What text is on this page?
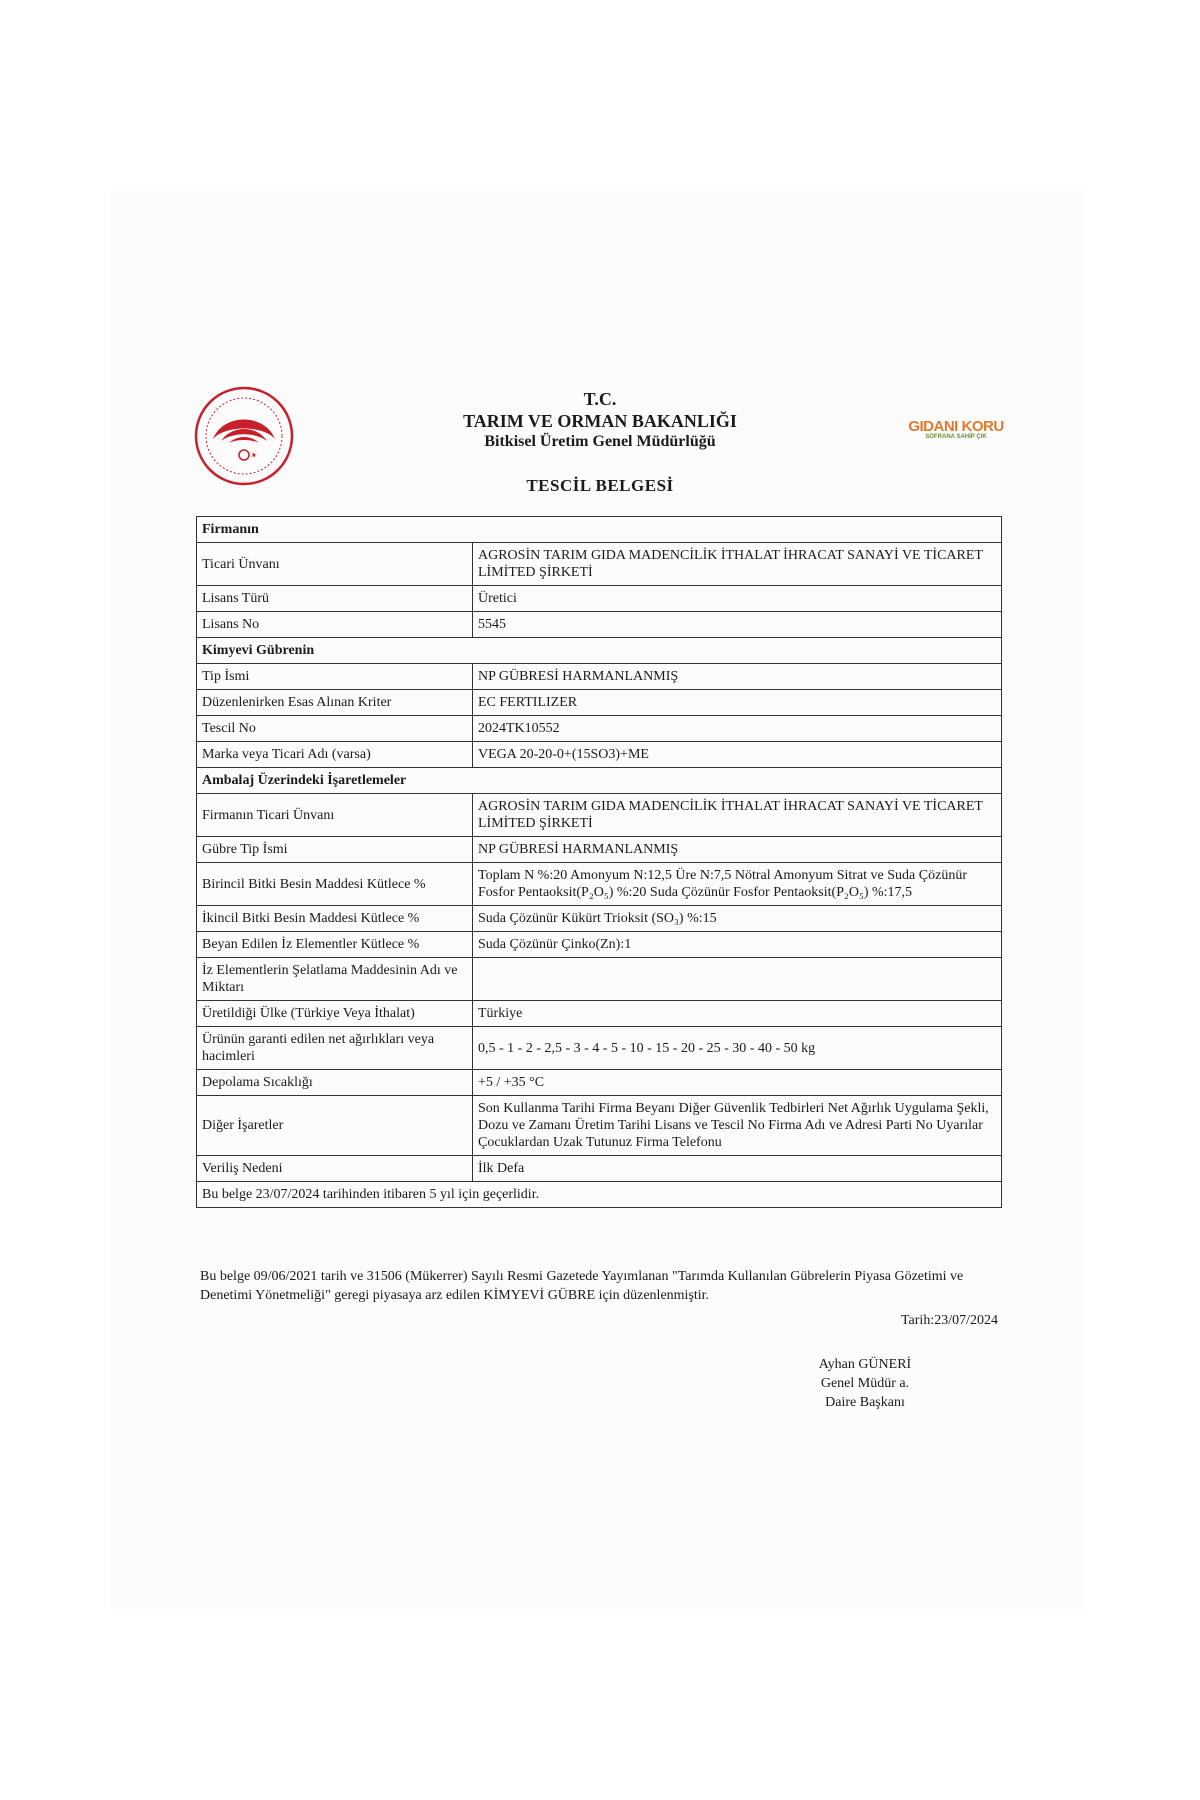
GIDANI KORU
SOFRANA SAHİP ÇIK
T.C.
TARIM VE ORMAN BAKANLIĞI
Bitkisel Üretim Genel Müdürlüğü
TESCİL BELGESİ
Firmanın	
Ticari Ünvanı	AGROSİN TARIM GIDA MADENCİLİK İTHALAT İHRACAT SANAYİ VE TİCARET LİMİTED ŞİRKETİ
Lisans Türü	Üretici
Lisans No	5545
Kimyevi Gübrenin	
Tip İsmi	NP GÜBRESİ HARMANLANMIŞ
Düzenlenirken Esas Alınan Kriter	EC FERTILIZER
Tescil No	2024TK10552
Marka veya Ticari Adı (varsa)	VEGA 20-20-0+(15SO3)+ME
Ambalaj Üzerindeki İşaretlemeler	
Firmanın Ticari Ünvanı	AGROSİN TARIM GIDA MADENCİLİK İTHALAT İHRACAT SANAYİ VE TİCARET LİMİTED ŞİRKETİ
Gübre Tip İsmi	NP GÜBRESİ HARMANLANMIŞ
Birincil Bitki Besin Maddesi Kütlece %	Toplam N %:20 Amonyum N:12,5 Üre N:7,5 Nötral Amonyum Sitrat ve Suda Çözünür Fosfor Pentaoksit(P₂O₅) %:20 Suda Çözünür Fosfor Pentaoksit(P₂O₅) %:17,5
İkincil Bitki Besin Maddesi Kütlece %	Suda Çözünür Kükürt Trioksit (SO₃) %:15
Beyan Edilen İz Elementler Kütlece %	Suda Çözünür Çinko(Zn):1
İz Elementlerin Şelatlama Maddesinin Adı ve Miktarı	
Üretildiği Ülke (Türkiye Veya İthalat)	Türkiye
Ürünün garanti edilen net ağırlıkları veya hacimleri	0,5 - 1 - 2 - 2,5 - 3 - 4 - 5 - 10 - 15 - 20 - 25 - 30 - 40 - 50 kg
Depolama Sıcaklığı	+5 / +35 °C
Diğer İşaretler	Son Kullanma Tarihi Firma Beyanı Diğer Güvenlik Tedbirleri Net Ağırlık Uygulama Şekli, Dozu ve Zamanı Üretim Tarihi Lisans ve Tescil No Firma Adı ve Adresi Parti No Uyarılar Çocuklardan Uzak Tutunuz Firma Telefonu
Veriliş Nedeni	İlk Defa
Bu belge 23/07/2024 tarihinden itibaren 5 yıl için geçerlidir.	
Bu belge 09/06/2021 tarih ve 31506 (Mükerrer) Sayılı Resmi Gazetede Yayımlanan "Tarımda Kullanılan Gübrelerin Piyasa Gözetimi ve Denetimi Yönetmeliği" geregi piyasaya arz edilen KİMYEVİ GÜBRE için düzenlenmiştir.
Tarih:23/07/2024
Ayhan GÜNERİ
Genel Müdür a.
Daire Başkanı
